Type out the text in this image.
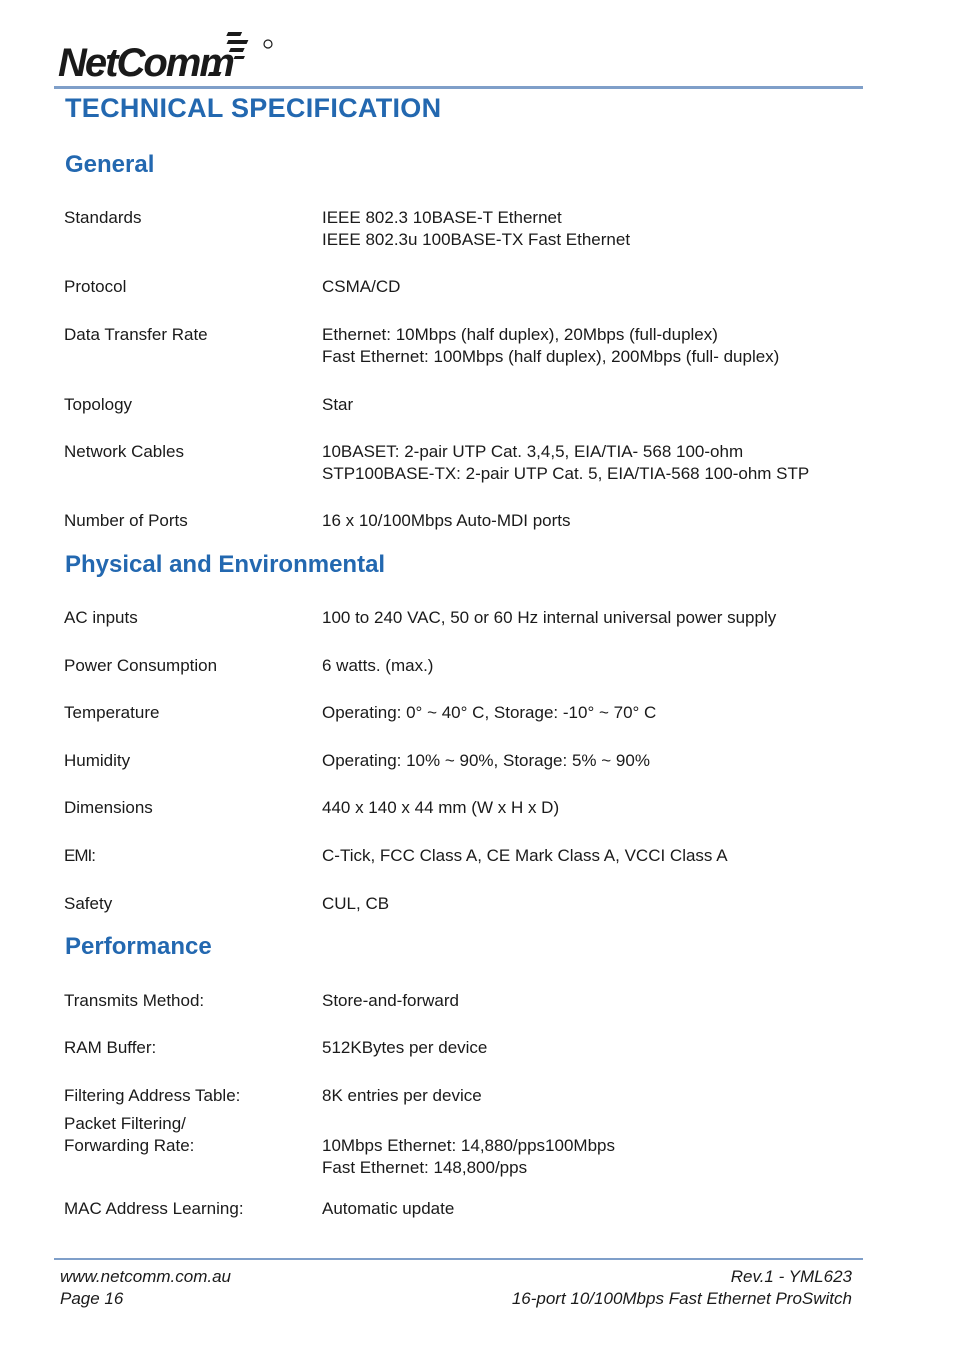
NetComm
TECHNICAL SPECIFICATION
General
Standards	IEEE 802.3 10BASE-T Ethernet
IEEE 802.3u 100BASE-TX Fast Ethernet
Protocol	CSMA/CD
Data Transfer Rate	Ethernet: 10Mbps (half duplex), 20Mbps (full-duplex)
Fast Ethernet: 100Mbps (half duplex), 200Mbps (full- duplex)
Topology	Star
Network Cables	10BASET: 2-pair UTP Cat. 3,4,5, EIA/TIA- 568 100-ohm
STP100BASE-TX: 2-pair UTP Cat. 5, EIA/TIA-568 100-ohm STP
Number of Ports	16 x 10/100Mbps Auto-MDI ports
Physical and Environmental
AC inputs	100 to 240 VAC, 50 or 60 Hz internal universal power supply
Power Consumption	6 watts. (max.)
Temperature	Operating: 0° ~ 40° C, Storage: -10° ~ 70° C
Humidity	Operating: 10% ~ 90%, Storage: 5% ~ 90%
Dimensions	440 x 140 x 44 mm (W x H x D)
EMI:	C-Tick, FCC Class A, CE Mark Class A, VCCI Class A
Safety	CUL, CB
Performance
Transmits Method:	Store-and-forward
RAM Buffer:	512KBytes per device
Filtering Address Table:	8K entries per device
Packet Filtering/
Forwarding Rate:	10Mbps Ethernet: 14,880/pps100Mbps
Fast Ethernet: 148,800/pps
MAC Address Learning:	Automatic update
www.netcomm.com.au
Page 16
Rev.1 - YML623
16-port 10/100Mbps Fast Ethernet ProSwitch
